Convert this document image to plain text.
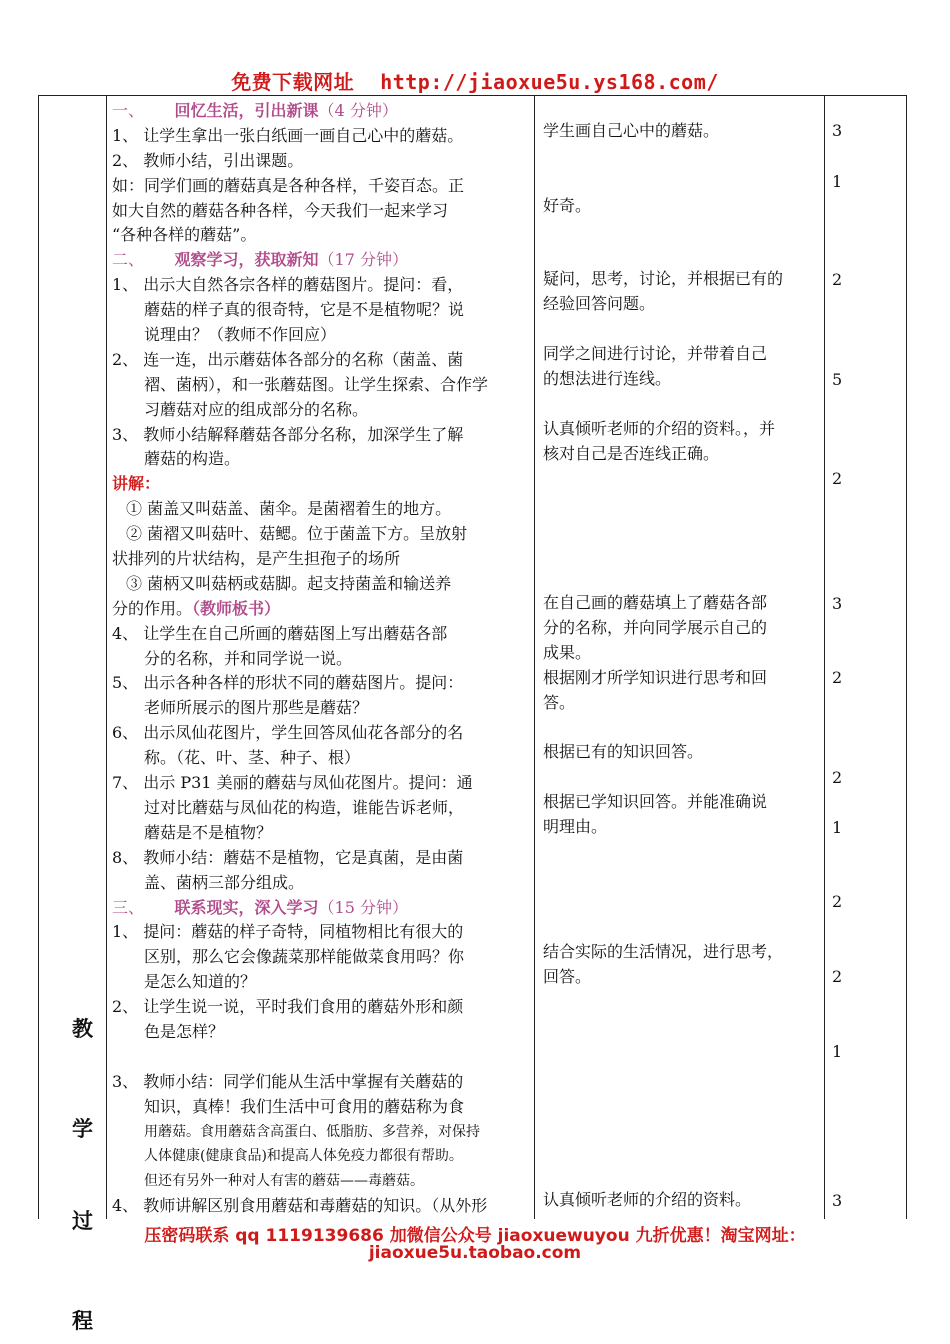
免费下载网址 http://jiaoxue5u.ys168.com/
教
学
过
程
一、 回忆生活，引出新课（4 分钟）
1、 让学生拿出一张白纸画一画自己心中的蘑菇。
2、 教师小结，引出课题。
如：同学们画的蘑菇真是各种各样，千姿百态。正
如大自然的蘑菇各种各样，今天我们一起来学习
“各种各样的蘑菇”。
二、 观察学习，获取新知（17 分钟）
1、 出示大自然各宗各样的蘑菇图片。提问：看，
蘑菇的样子真的很奇特，它是不是植物呢？说
说理由？（教师不作回应）
2、 连一连，出示蘑菇体各部分的名称（菌盖、菌
褶、菌柄），和一张蘑菇图。让学生探索、合作学
习蘑菇对应的组成部分的名称。
3、 教师小结解释蘑菇各部分名称，加深学生了解
蘑菇的构造。
讲解：
① 菌盖又叫菇盖、菌伞。是菌褶着生的地方。
② 菌褶又叫菇叶、菇鳃。位于菌盖下方。呈放射
状排列的片状结构，是产生担孢子的场所
③ 菌柄又叫菇柄或菇脚。起支持菌盖和输送养
分的作用。（教师板书）
4、 让学生在自己所画的蘑菇图上写出蘑菇各部
分的名称，并和同学说一说。
5、 出示各种各样的形状不同的蘑菇图片。提问：
老师所展示的图片那些是蘑菇？
6、 出示凤仙花图片，学生回答凤仙花各部分的名
称。（花、叶、茎、种子、根）
7、 出示 P31 美丽的蘑菇与凤仙花图片。提问：通
过对比蘑菇与凤仙花的构造，谁能告诉老师，
蘑菇是不是植物？
8、 教师小结：蘑菇不是植物，它是真菌，是由菌
盖、菌柄三部分组成。
三、 联系现实，深入学习（15 分钟）
1、 提问：蘑菇的样子奇特，同植物相比有很大的
区别，那么它会像蔬菜那样能做菜食用吗？你
是怎么知道的？
2、 让学生说一说，平时我们食用的蘑菇外形和颜
色是怎样？
3、 教师小结：同学们能从生活中掌握有关蘑菇的
知识，真棒！我们生活中可食用的蘑菇称为食
用蘑菇。食用蘑菇含高蛋白、低脂肪、多营养，对保持
人体健康(健康食品)和提高人体免疫力都很有帮助。
但还有另外一种对人有害的蘑菇——毒蘑菇。
4、 教师讲解区别食用蘑菇和毒蘑菇的知识。（从外形
学生画自己心中的蘑菇。
好奇。
疑问，思考，讨论，并根据已有的
经验回答问题。
同学之间进行讨论，并带着自己
的想法进行连线。
认真倾听老师的介绍的资料。，并
核对自己是否连线正确。
在自己画的蘑菇填上了蘑菇各部
分的名称，并向同学展示自己的
成果。
根据刚才所学知识进行思考和回
答。
根据已有的知识回答。
根据已学知识回答。并能准确说
明理由。
结合实际的生活情况，进行思考，
回答。
认真倾听老师的介绍的资料。
3
1
2
5
2
3
2
2
1
2
2
1
3
压密码联系 qq 1119139686 加微信公众号 jiaoxuewuyou 九折优惠！淘宝网址：
jiaoxue5u.taobao.com
